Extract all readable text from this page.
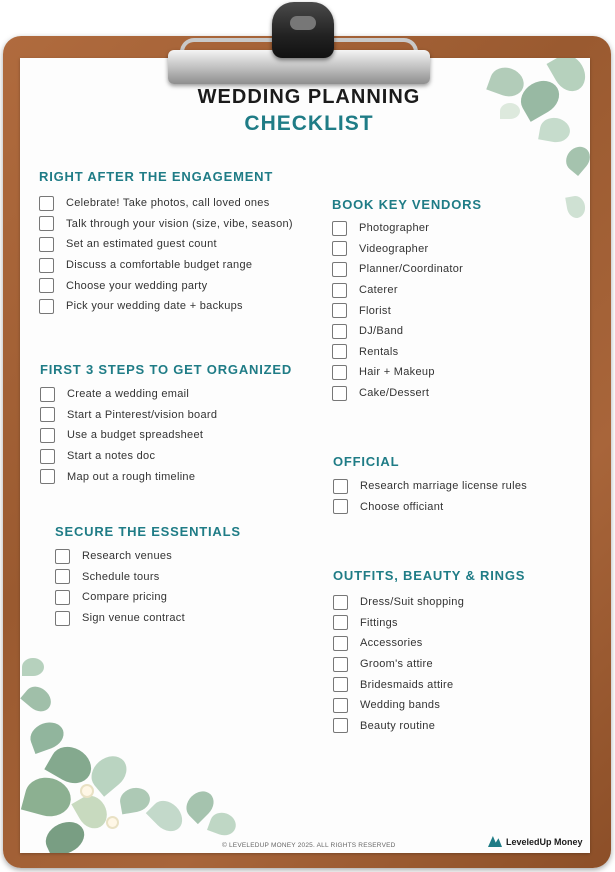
WEDDING PLANNING
CHECKLIST
RIGHT AFTER THE ENGAGEMENT
Celebrate! Take photos, call loved ones
Talk through your vision (size, vibe, season)
Set an estimated guest count
Discuss a comfortable budget range
Choose your wedding party
Pick your wedding date + backups
FIRST 3 STEPS TO GET ORGANIZED
Create a wedding email
Start a Pinterest/vision board
Use a budget spreadsheet
Start a notes doc
Map out a rough timeline
SECURE THE ESSENTIALS
Research venues
Schedule tours
Compare pricing
Sign venue contract
BOOK KEY VENDORS
Photographer
Videographer
Planner/Coordinator
Caterer
Florist
DJ/Band
Rentals
Hair + Makeup
Cake/Dessert
OFFICIAL
Research marriage license rules
Choose officiant
OUTFITS, BEAUTY & RINGS
Dress/Suit shopping
Fittings
Accessories
Groom's attire
Bridesmaids attire
Wedding bands
Beauty routine
© LEVELEDUP MONEY 2025. ALL RIGHTS RESERVED	LeveledUp Money
